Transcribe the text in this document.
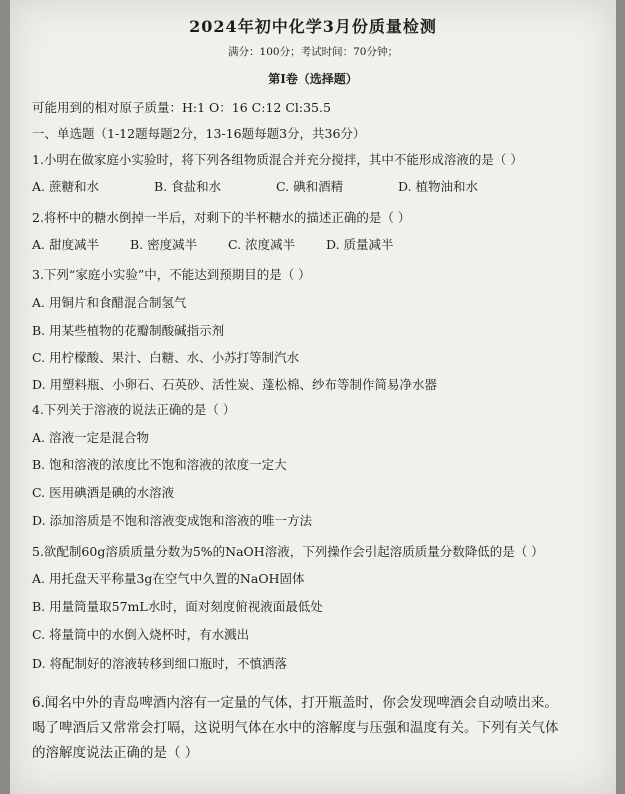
2024年初中化学3月份质量检测
满分：100分；考试时间：70分钟；
第Ⅰ卷（选择题）
可能用到的相对原子质量：H:1 O：16 C:12 Cl:35.5
一、单选题（1-12题每题2分，13-16题每题3分，共36分）
1.小明在做家庭小实验时，将下列各组物质混合并充分搅拌，其中不能形成溶液的是（ ）
A. 蔗糖和水	B. 食盐和水	C. 碘和酒精	D. 植物油和水
2.将杯中的糖水倒掉一半后，对剩下的半杯糖水的描述正确的是（ ）
A. 甜度减半 B. 密度减半 C. 浓度减半 D. 质量减半
3.下列“家庭小实验”中，不能达到预期目的是（ ）
A. 用铜片和食醋混合制氢气
B. 用某些植物的花瓣制酸碱指示剂
C. 用柠檬酸、果汁、白糖、水、小苏打等制汽水
D. 用塑料瓶、小卵石、石英砂、活性炭、蓬松棉、纱布等制作简易净水器
4.下列关于溶液的说法正确的是（ ）
A. 溶液一定是混合物
B. 饱和溶液的浓度比不饱和溶液的浓度一定大
C. 医用碘酒是碘的水溶液
D. 添加溶质是不饱和溶液变成饱和溶液的唯一方法
5.欲配制60g溶质质量分数为5%的NaOH溶液，下列操作会引起溶质质量分数降低的是（ ）
A. 用托盘天平称量3g在空气中久置的NaOH固体
B. 用量筒量取57mL水时，面对刻度俯视液面最低处
C. 将量筒中的水倒入烧杯时，有水溅出
D. 将配制好的溶液转移到细口瓶时，不慎洒落
6.闻名中外的青岛啤酒内溶有一定量的气体，打开瓶盖时，你会发现啤酒会自动喷出来。
喝了啤酒后又常常会打嗝，这说明气体在水中的溶解度与压强和温度有关。下列有关气体
的溶解度说法正确的是（ ）
